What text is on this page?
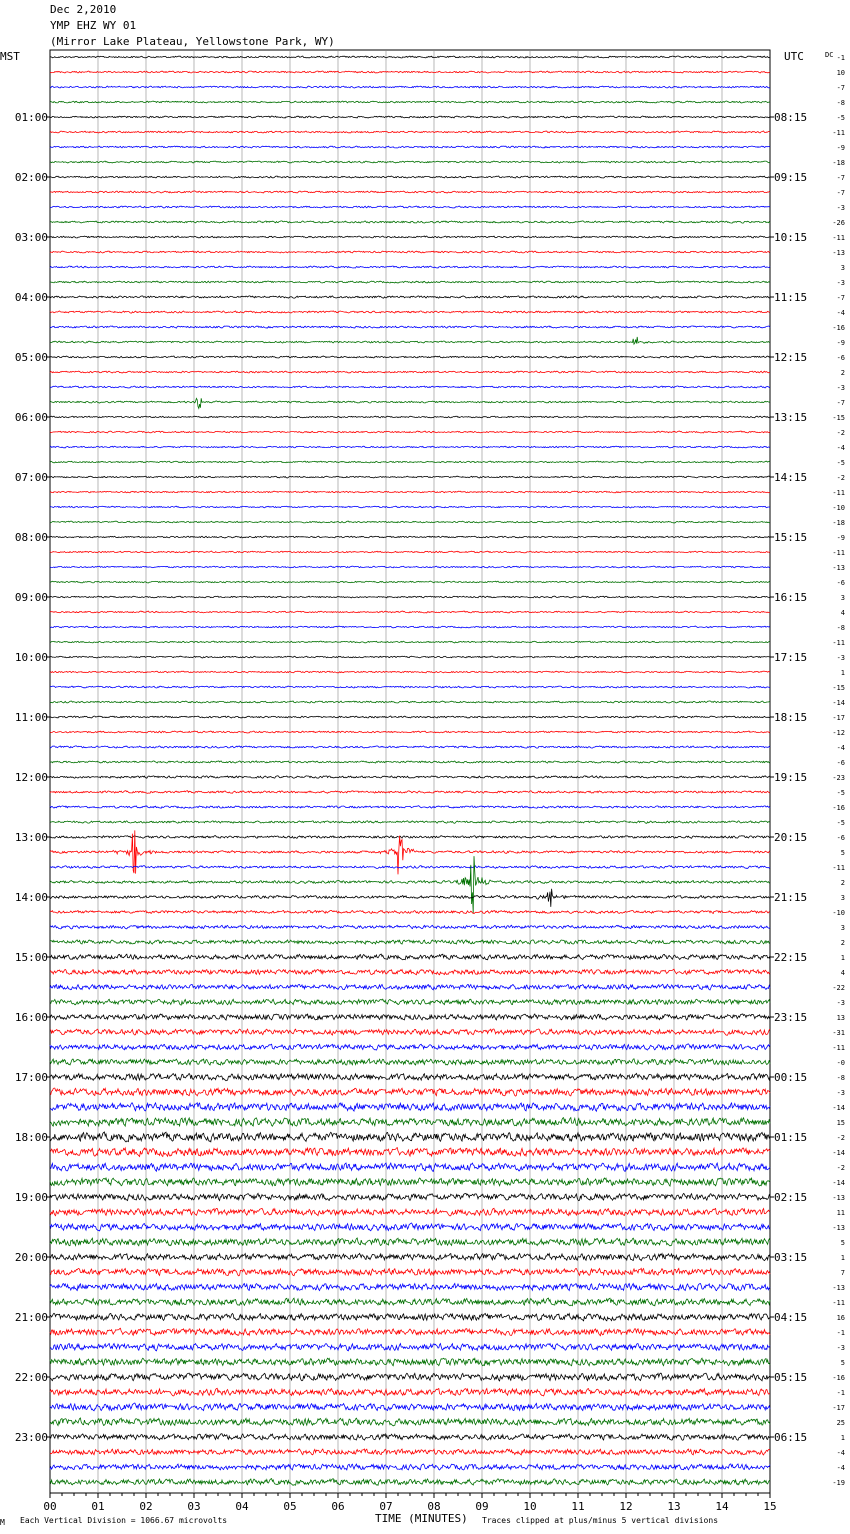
Dec 2,2010
YMP EHZ WY 01
(Mirror Lake Plateau, Yellowstone Park, WY)
MST	UTC	DC
00	01	02	03	04	05	06	07	08	09	10	11	12	13	14	15
01:00
02:00
03:00
04:00
05:00
06:00
07:00
08:00
09:00
10:00
11:00
12:00
13:00
14:00
15:00
16:00
17:00
18:00
19:00
20:00
21:00
22:00
23:00
08:15
09:15
10:15
11:15
12:15
13:15
14:15
15:15
16:15
17:15
18:15
19:15
20:15
21:15
22:15
23:15
00:15
01:15
02:15
03:15
04:15
05:15
06:15
-1
10
-7
-8
-5
-11
-9
-18
-7
-7
-3
-26
-11
-13
3
-3
-7
-4
-16
-9
-6
2
-3
-7
-15
-2
-4
-5
-2
-11
-10
-18
-9
-11
-13
-6
3
4
-8
-11
-3
1
-15
-14
-17
-12
-4
-6
-23
-5
-16
-5
-6
5
-11
2
3
-10
3
2
1
4
-22
-3
13
-31
-11
-0
-8
-3
-14
15
-2
-14
-2
-14
-13
11
-13
5
1
7
-13
-11
16
-1
-3
5
-16
-1
-17
25
1
-4
-4
-19
M Each Vertical Division = 1066.67 microvolts	TIME (MINUTES) Traces clipped at plus/minus 5 vertical divisions
